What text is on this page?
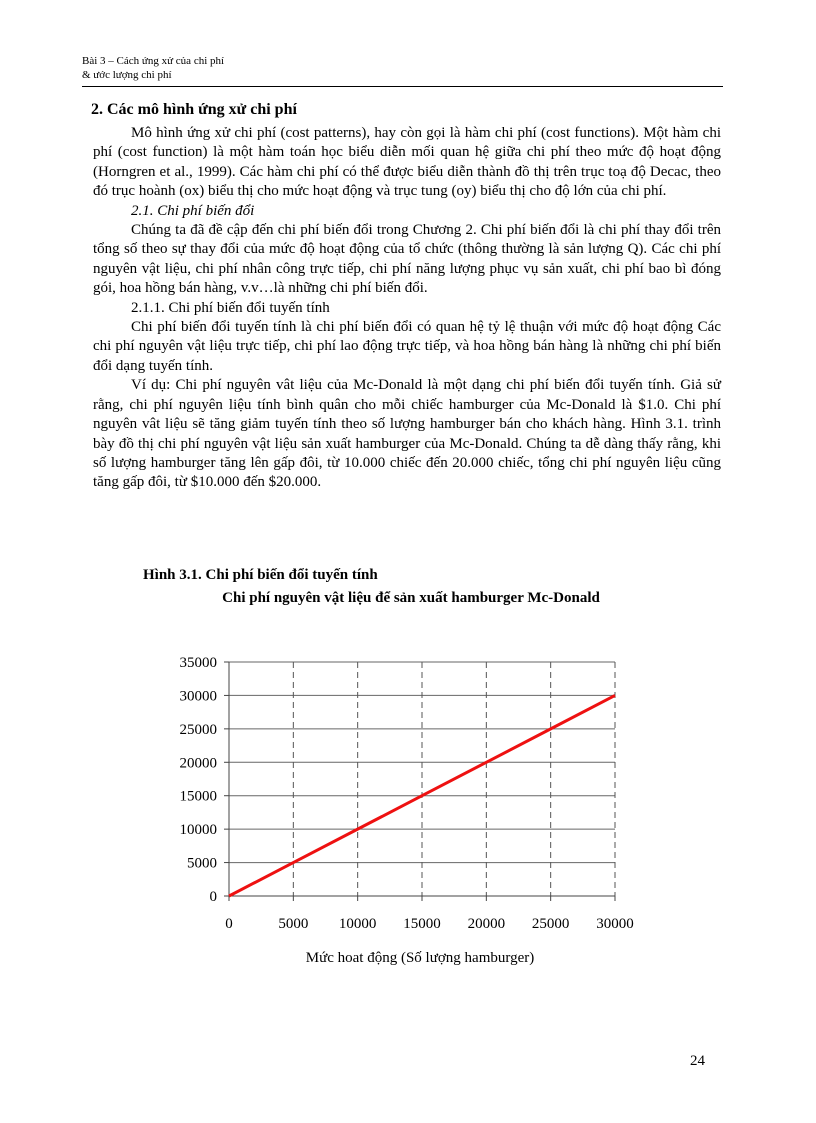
Bài 3 – Cách ứng xử của chi phí
& ước lượng chi phí
2. Các mô hình ứng xử chi phí

Mô hình ứng xử chi phí (cost patterns), hay còn gọi là hàm chi phí (cost functions). Một hàm chi phí (cost function) là một hàm toán học biểu diễn mối quan hệ giữa chi phí theo mức độ hoạt động (Horngren et al., 1999). Các hàm chi phí có thể được biểu diễn thành đồ thị trên trục toạ độ Decac, theo đó trục hoành (ox) biểu thị cho mức hoạt động và trục tung (oy) biểu thị cho độ lớn của chi phí.

2.1. Chi phí biến đổi

Chúng ta đã đề cập đến chi phí biến đổi trong Chương 2. Chi phí biến đổi là chi phí thay đổi trên tổng số theo sự thay đổi của mức độ hoạt động của tổ chức (thông thường là sản lượng Q). Các chi phí nguyên vật liệu, chi phí nhân công trực tiếp, chi phí năng lượng phục vụ sản xuất, chi phí bao bì đóng gói, hoa hồng bán hàng, v.v…là những chi phí biến đổi.

2.1.1. Chi phí biến đổi tuyến tính

Chi phí biến đổi tuyến tính là chi phí biến đổi có quan hệ tỷ lệ thuận với mức độ hoạt động Các chi phí nguyên vật liệu trực tiếp, chi phí lao động trực tiếp, và hoa hồng bán hàng là những chi phí biến đổi dạng tuyến tính.

Ví dụ: Chi phí nguyên vât liệu của Mc-Donald là một dạng chi phí biến đổi tuyến tính. Giả sử rằng, chi phí nguyên liệu tính bình quân cho mỗi chiếc hamburger của Mc-Donald là $1.0. Chi phí nguyên vât liệu sẽ tăng giảm tuyến tính theo số lượng hamburger bán cho khách hàng. Hình 3.1. trình bày đồ thị chi phí nguyên vật liệu sản xuất hamburger của Mc-Donald. Chúng ta dễ dàng thấy rằng, khi số lượng hamburger tăng lên gấp đôi, từ 10.000 chiếc đến 20.000 chiếc, tổng chi phí nguyên liệu cũng tăng gấp đôi, từ $10.000 đến $20.000.

Hình 3.1. Chi phí biến đổi tuyến tính
Chi phí nguyên vật liệu để sản xuất hamburger Mc-Donald
0
5000
10000
15000
20000
25000
30000
35000
0	5000 10000 15000 20000 25000 30000
Mức hoat động (Số lượng hamburger)
24
